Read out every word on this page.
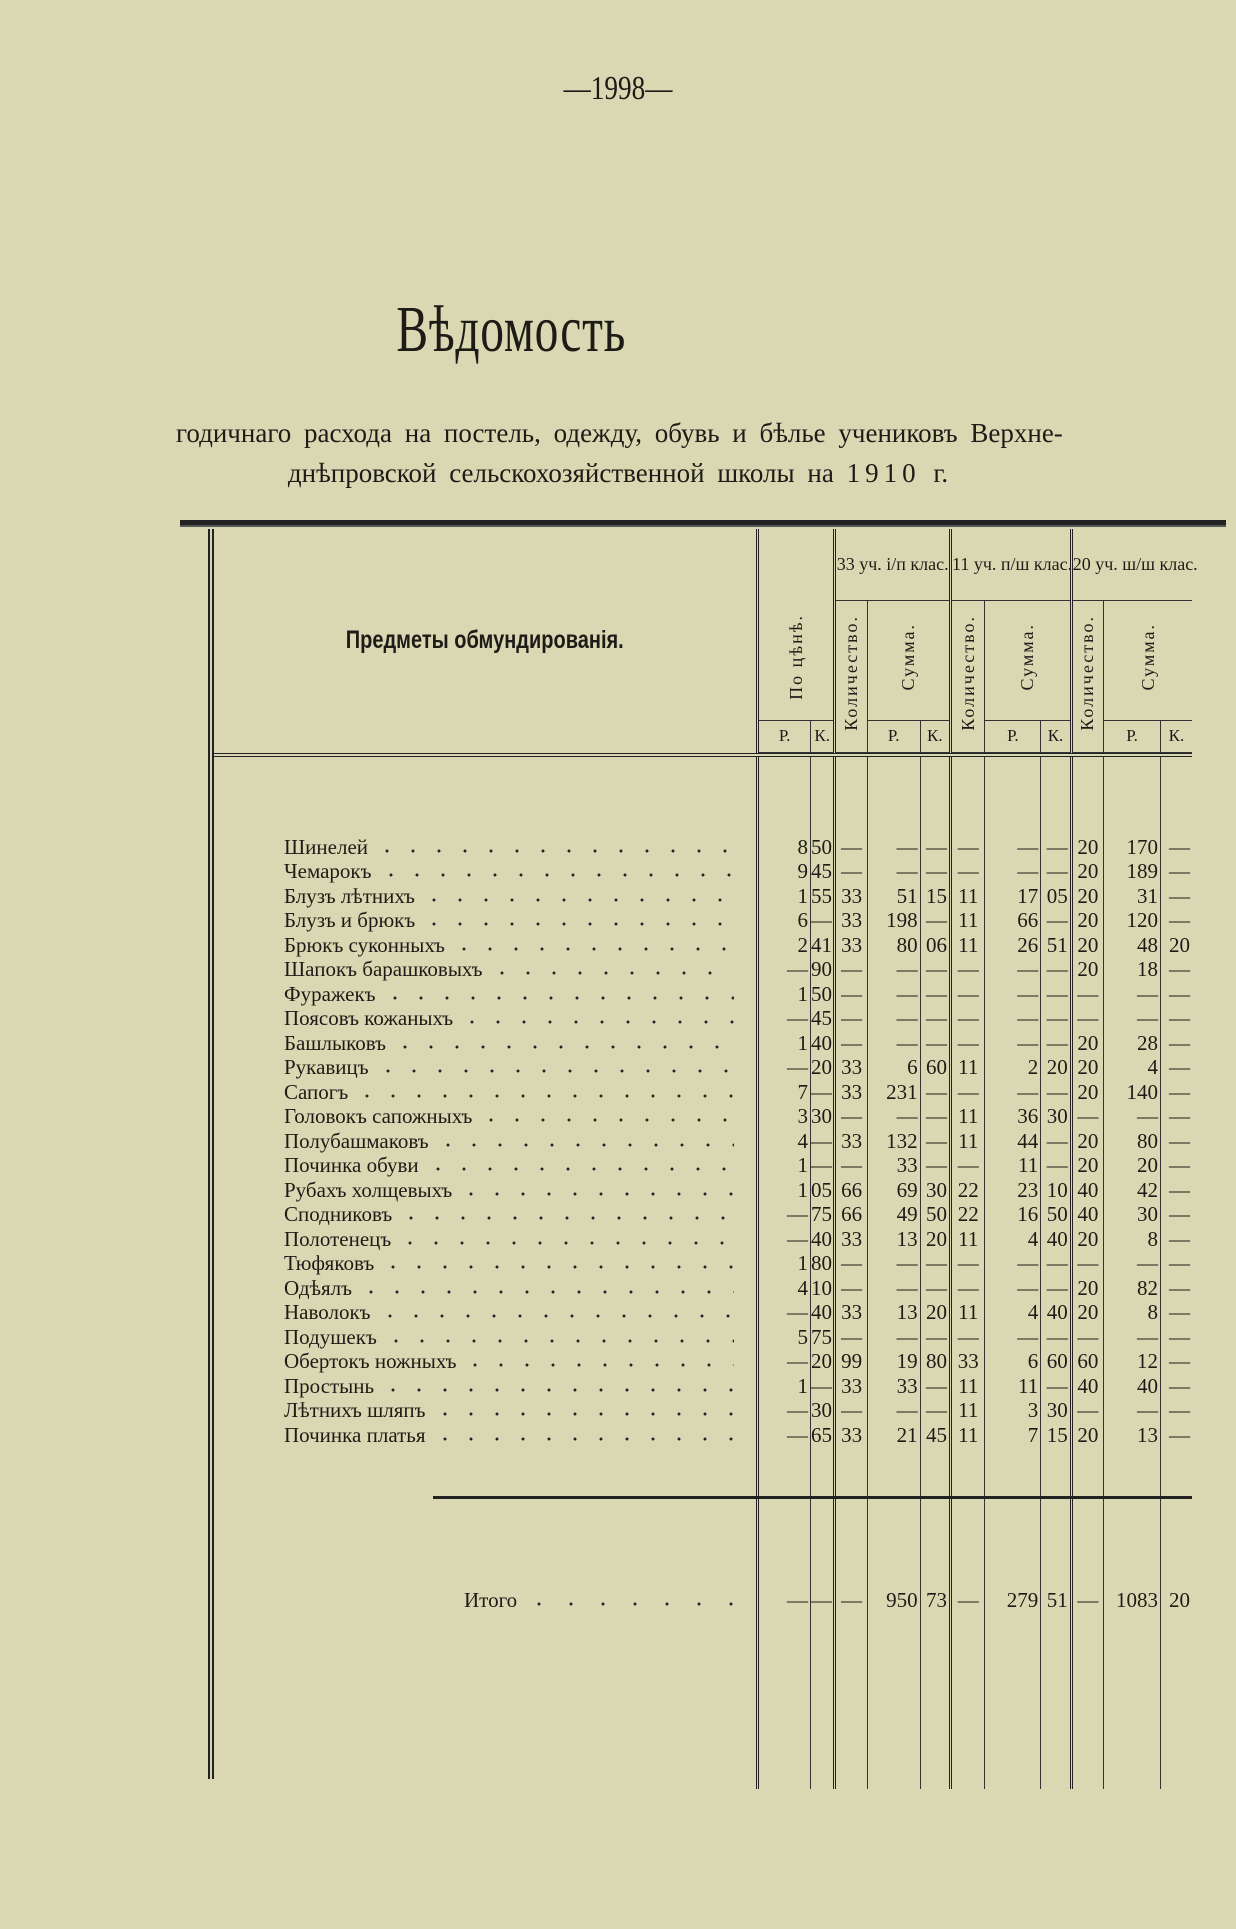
—1998—
Вѣдомость
годичнаго расхода на постель, одежду, обувь и бѣлье учениковъ Верхне-
днѣпровской сельскохозяйственной школы на 1910 г.
Предметы обмундированія.	По цѣнѣ.		33 уч. і/п клас.			11 уч. п/ш клас.			20 уч. ш/ш клас.		
			Количество.	Сумма.		Количество.	Сумма.		Количество.	Сумма.	
	Р.	К.		Р.	К.		Р.	К.		Р.	К.

Шинелей	8	50	—	—	—	—	—	—	20	170	—

Чемарокъ	9	45	—	—	—	—	—	—	20	189	—

Блузъ лѣтнихъ	1	55	33	51	15	11	17	05	20	31	—

Блузъ и брюкъ	6	—	33	198	—	11	66	—	20	120	—

Брюкъ суконныхъ	2	41	33	80	06	11	26	51	20	48	20

Шапокъ барашковыхъ	—	90	—	—	—	—	—	—	20	18	—

Фуражекъ	1	50	—	—	—	—	—	—	—	—	—

Поясовъ кожаныхъ	—	45	—	—	—	—	—	—	—	—	—

Башлыковъ	1	40	—	—	—	—	—	—	20	28	—

Рукавицъ	—	20	33	6	60	11	2	20	20	4	—

Сапогъ	7	—	33	231	—	—	—	—	20	140	—

Головокъ сапожныхъ	3	30	—	—	—	11	36	30	—	—	—

Полубашмаковъ	4	—	33	132	—	11	44	—	20	80	—

Починка обуви	1	—	—	33	—	—	11	—	20	20	—

Рубахъ холщевыхъ	1	05	66	69	30	22	23	10	40	42	—

Сподниковъ	—	75	66	49	50	22	16	50	40	30	—

Полотенецъ	—	40	33	13	20	11	4	40	20	8	—

Тюфяковъ	1	80	—	—	—	—	—	—	—	—	—

Одѣялъ	4	10	—	—	—	—	—	—	20	82	—

Наволокъ	—	40	33	13	20	11	4	40	20	8	—

Подушекъ	5	75	—	—	—	—	—	—	—	—	—

Обертокъ ножныхъ	—	20	99	19	80	33	6	60	60	12	—

Простынь	1	—	33	33	—	11	11	—	40	40	—

Лѣтнихъ шляпъ	—	30	—	—	—	11	3	30	—	—	—

Починка платья	—	65	33	21	45	11	7	15	20	13	—

Итого	—	—	—	950	73	—	279	51	—	1083	20
